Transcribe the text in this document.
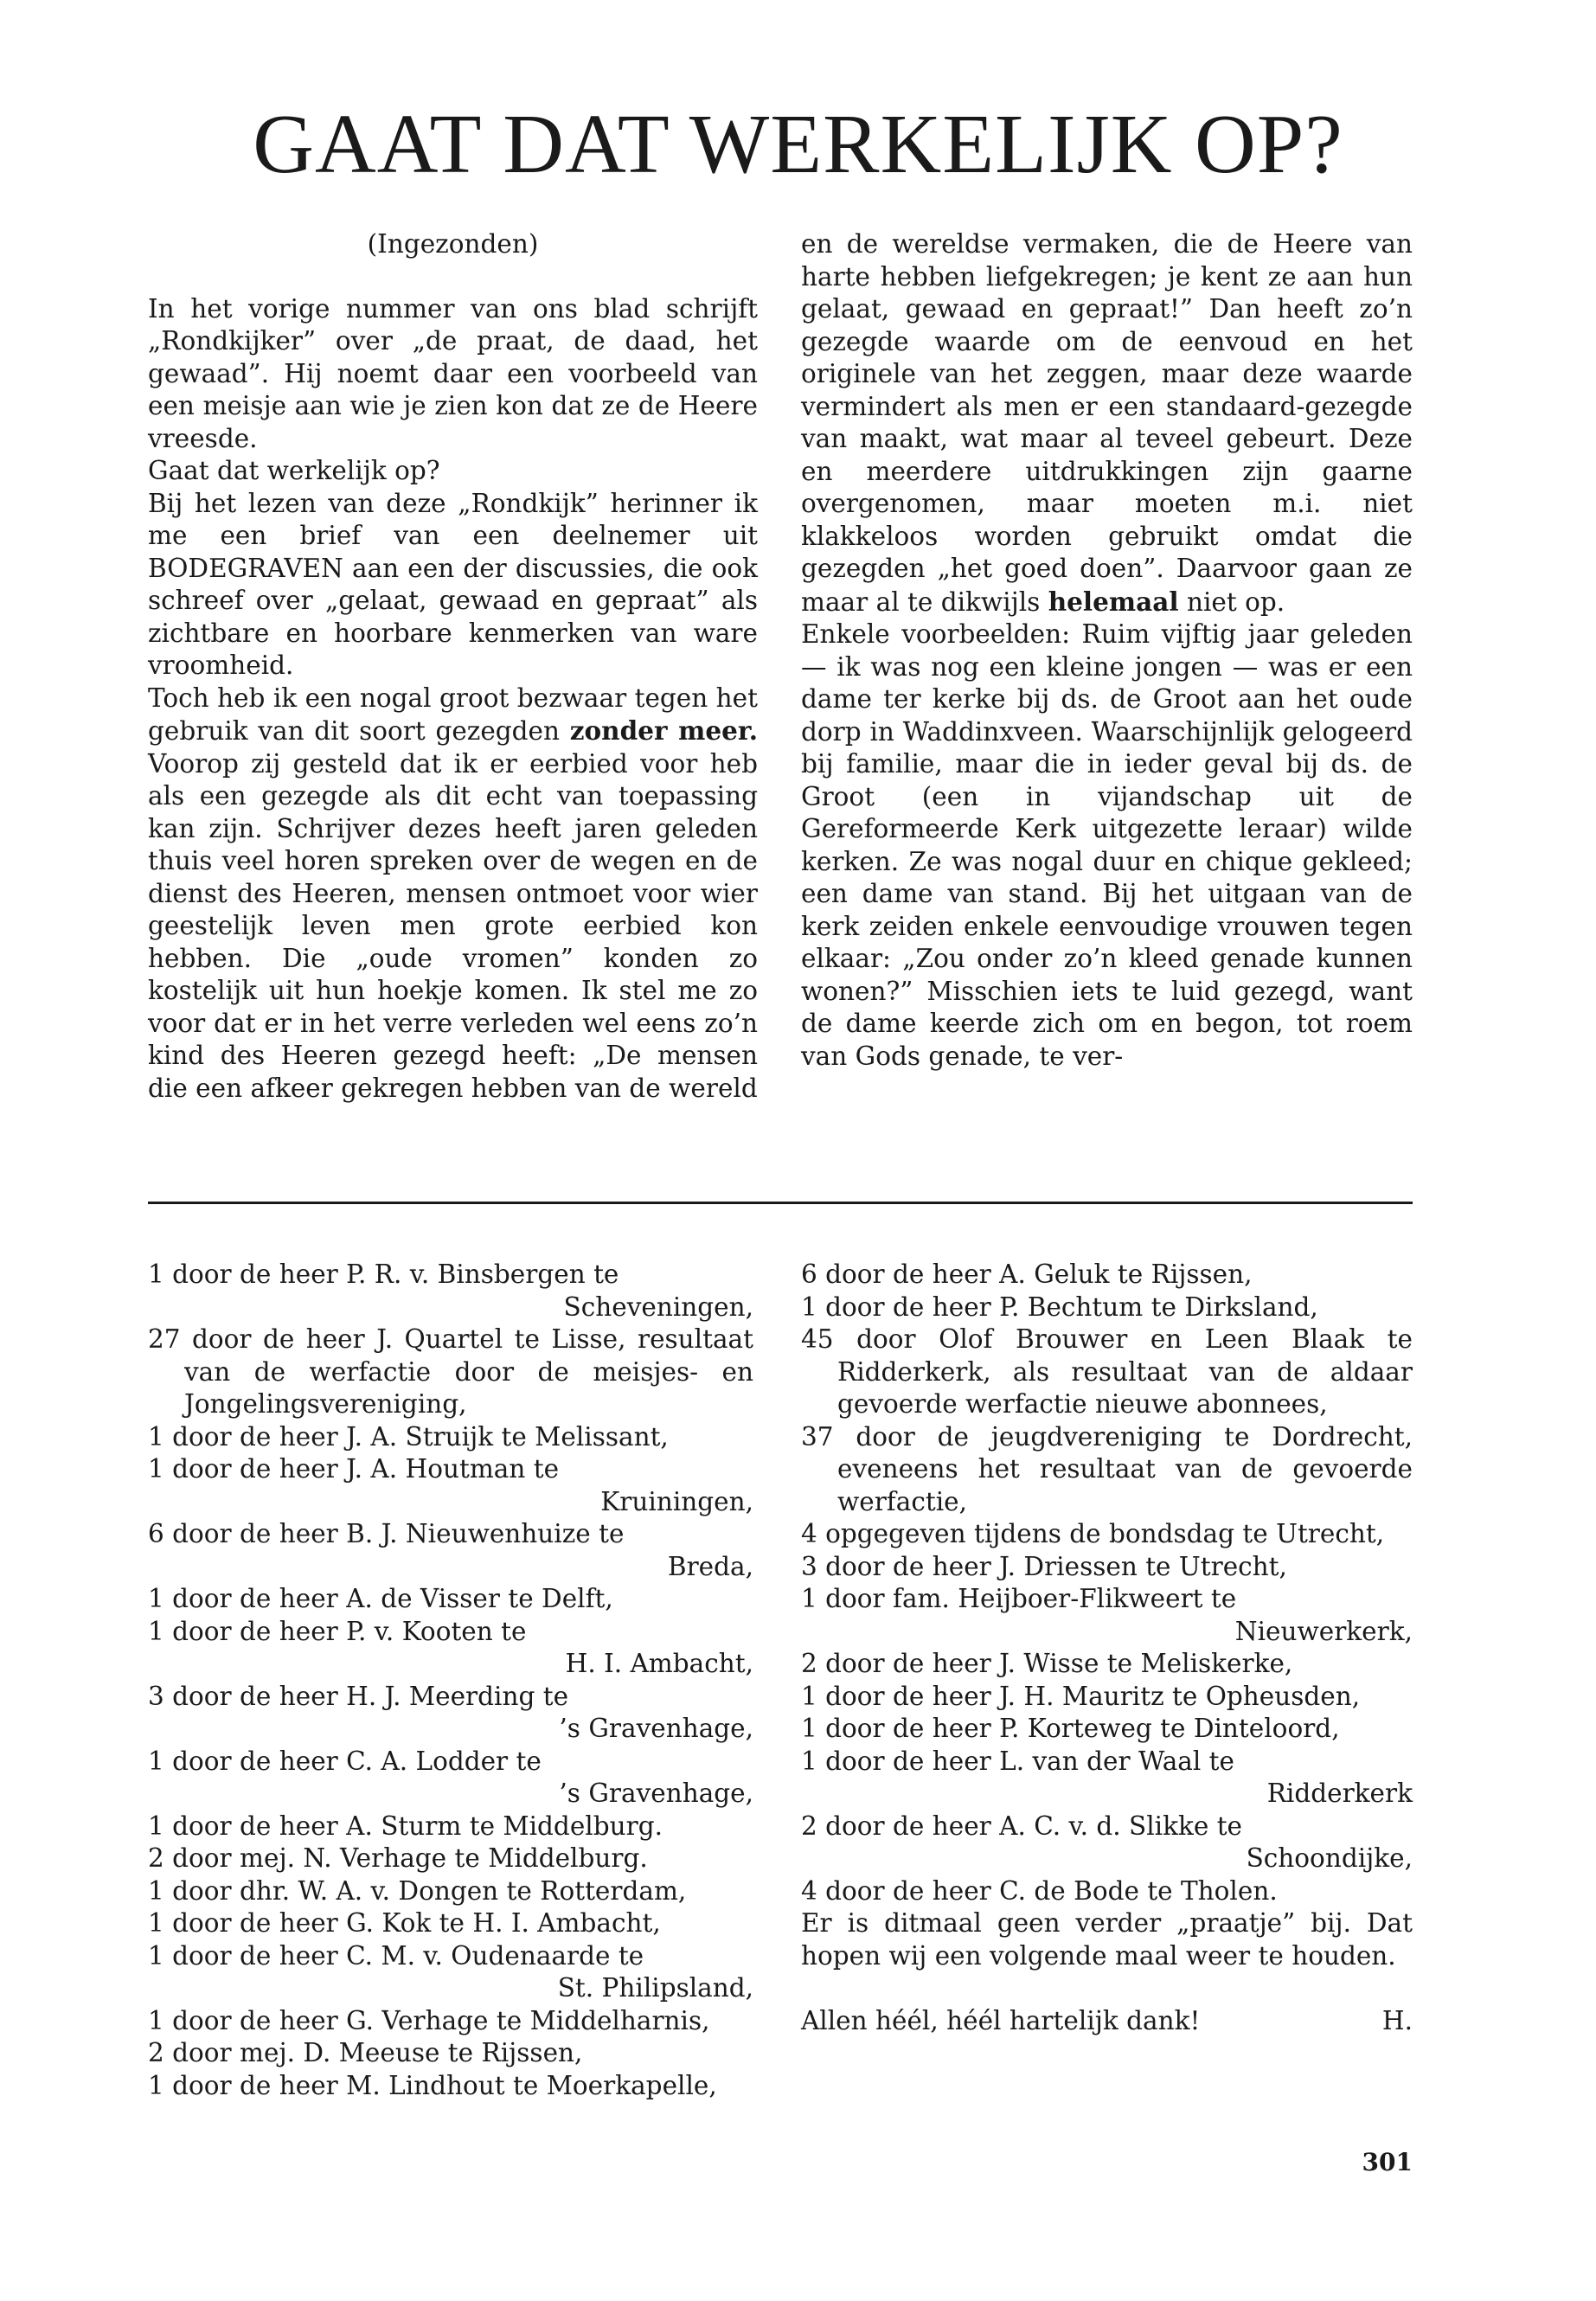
GAAT DAT WERKELIJK OP?

(Ingezonden)

In het vorige nummer van ons blad schrijft „Rondkijker” over „de praat, de daad, het gewaad”. Hij noemt daar een voorbeeld van een meisje aan wie je zien kon dat ze de Heere vreesde.

Gaat dat werkelijk op?

Bij het lezen van deze „Rondkijk” herinner ik me een brief van een deelnemer uit BODEGRAVEN aan een der discussies, die ook schreef over „gelaat, gewaad en gepraat” als zichtbare en hoorbare kenmerken van ware vroomheid.

Toch heb ik een nogal groot bezwaar tegen het gebruik van dit soort gezegden zonder meer. Voorop zij gesteld dat ik er eerbied voor heb als een gezegde als dit echt van toepassing kan zijn. Schrijver dezes heeft jaren geleden thuis veel horen spreken over de wegen en de dienst des Heeren, mensen ontmoet voor wier geestelijk leven men grote eerbied kon hebben. Die „oude vromen” konden zo kostelijk uit hun hoekje komen. Ik stel me zo voor dat er in het verre verleden wel eens zo’n kind des Heeren gezegd heeft: „De mensen die een afkeer gekregen hebben van de wereld

en de wereldse vermaken, die de Heere van harte hebben liefgekregen; je kent ze aan hun gelaat, gewaad en gepraat!” Dan heeft zo’n gezegde waarde om de eenvoud en het originele van het zeggen, maar deze waarde vermindert als men er een standaard-gezegde van maakt, wat maar al teveel gebeurt. Deze en meerdere uitdrukkingen zijn gaarne overgenomen, maar moeten m.i. niet klakkeloos worden gebruikt omdat die gezegden „het goed doen”. Daarvoor gaan ze maar al te dikwijls helemaal niet op.

Enkele voorbeelden: Ruim vijftig jaar geleden — ik was nog een kleine jongen — was er een dame ter kerke bij ds. de Groot aan het oude dorp in Waddinxveen. Waarschijnlijk gelogeerd bij familie, maar die in ieder geval bij ds. de Groot (een in vijandschap uit de Gereformeerde Kerk uitgezette leraar) wilde kerken. Ze was nogal duur en chique gekleed; een dame van stand. Bij het uitgaan van de kerk zeiden enkele eenvoudige vrouwen tegen elkaar: „Zou onder zo’n kleed genade kunnen wonen?” Misschien iets te luid gezegd, want de dame keerde zich om en begon, tot roem van Gods genade, te ver-

1 door de heer P. R. v. Binsbergen te

Scheveningen,

27 door de heer J. Quartel te Lisse, resultaat van de werfactie door de meisjes- en Jongelingsvereniging,

1 door de heer J. A. Struijk te Melissant,

1 door de heer J. A. Houtman te

Kruiningen,

6 door de heer B. J. Nieuwenhuize te

Breda,

1 door de heer A. de Visser te Delft,

1 door de heer P. v. Kooten te

H. I. Ambacht,

3 door de heer H. J. Meerding te

’s Gravenhage,

1 door de heer C. A. Lodder te

’s Gravenhage,

1 door de heer A. Sturm te Middelburg.

2 door mej. N. Verhage te Middelburg.

1 door dhr. W. A. v. Dongen te Rotterdam,

1 door de heer G. Kok te H. I. Ambacht,

1 door de heer C. M. v. Oudenaarde te

St. Philipsland,

1 door de heer G. Verhage te Middelharnis,

2 door mej. D. Meeuse te Rijssen,

1 door de heer M. Lindhout te Moerkapelle,

6 door de heer A. Geluk te Rijssen,

1 door de heer P. Bechtum te Dirksland,

45 door Olof Brouwer en Leen Blaak te Ridderkerk, als resultaat van de aldaar gevoerde werfactie nieuwe abonnees,

37 door de jeugdvereniging te Dordrecht, eveneens het resultaat van de gevoerde werfactie,

4 opgegeven tijdens de bondsdag te Utrecht,

3 door de heer J. Driessen te Utrecht,

1 door fam. Heijboer-Flikweert te

Nieuwerkerk,

2 door de heer J. Wisse te Meliskerke,

1 door de heer J. H. Mauritz te Opheusden,

1 door de heer P. Korteweg te Dinteloord,

1 door de heer L. van der Waal te

Ridderkerk

2 door de heer A. C. v. d. Slikke te

Schoondijke,

4 door de heer C. de Bode te Tholen.

Er is ditmaal geen verder „praatje” bij. Dat hopen wij een volgende maal weer te houden.

Allen héél, héél hartelijk dank!	H.
301
